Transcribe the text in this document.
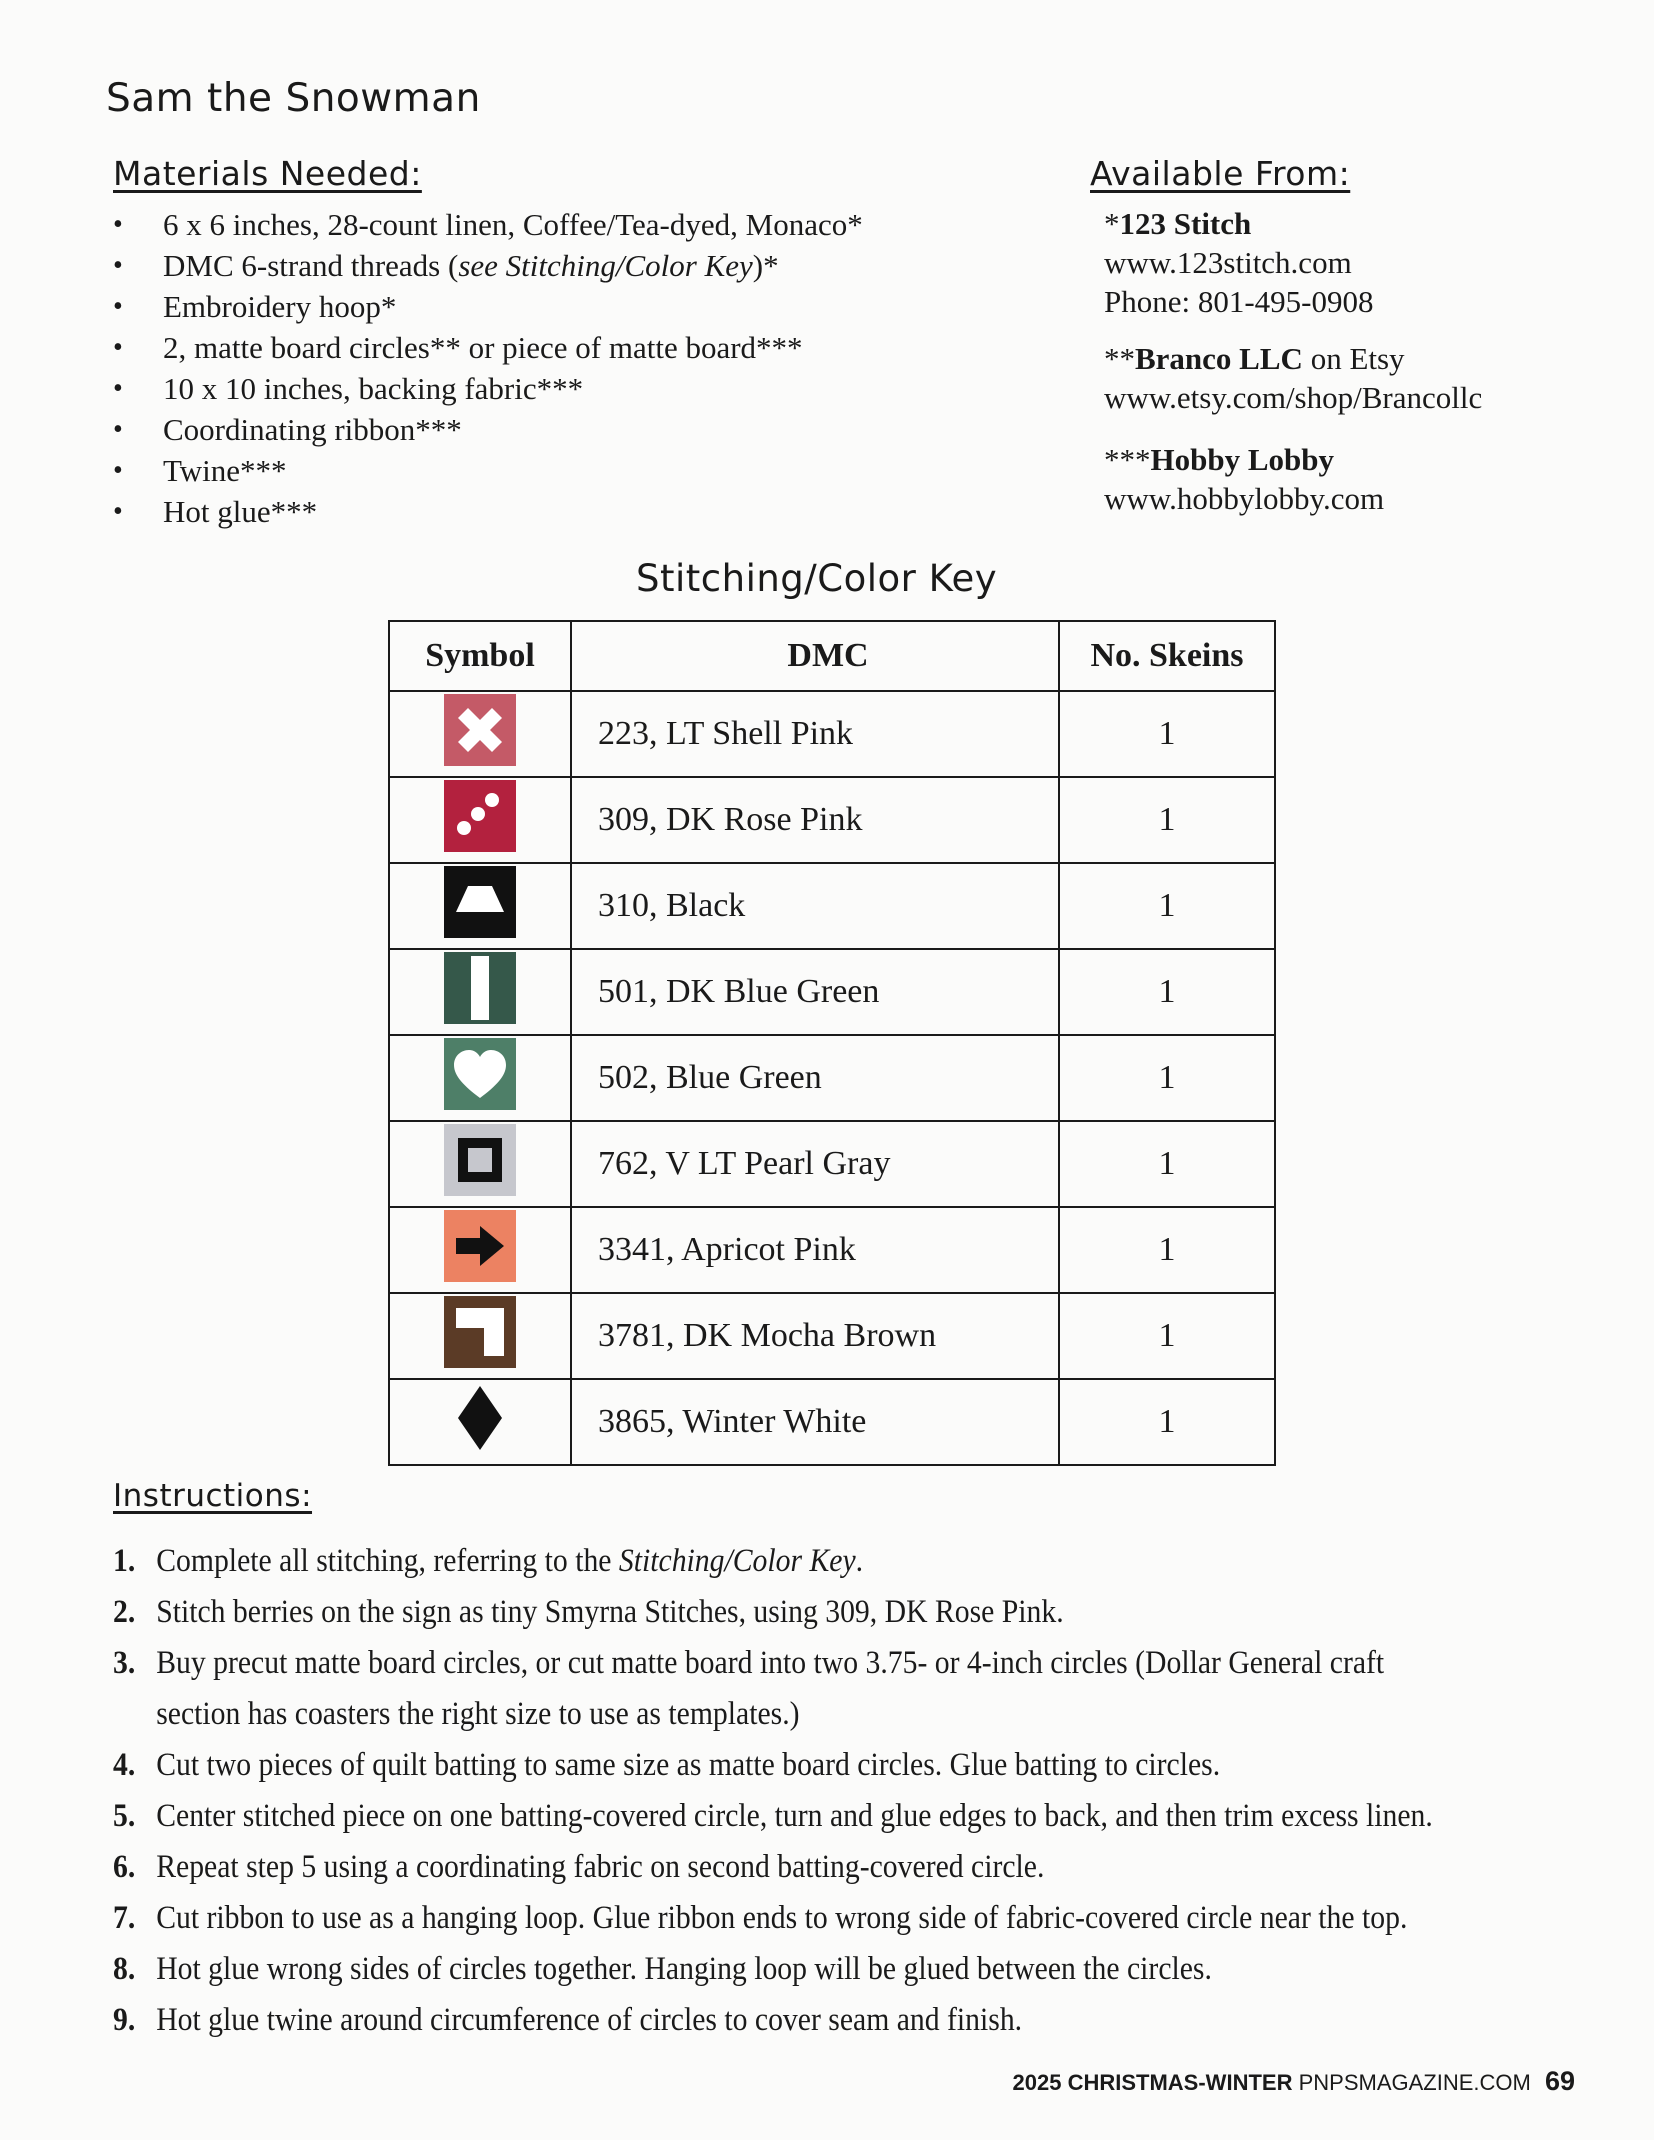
Sam the Snowman
Materials Needed:
• 6 x 6 inches, 28-count linen, Coffee/Tea-dyed, Monaco*
• DMC 6-strand threads (see Stitching/Color Key)*
• Embroidery hoop*
• 2, matte board circles** or piece of matte board***
• 10 x 10 inches, backing fabric***
• Coordinating ribbon***
• Twine***
• Hot glue***
Available From:
*123 Stitch
www.123stitch.com
Phone: 801-495-0908
**Branco LLC on Etsy
www.etsy.com/shop/Brancollc
***Hobby Lobby
www.hobbylobby.com
Stitching/Color Key
Symbol	DMC	No. Skeins
	223, LT Shell Pink	1
	309, DK Rose Pink	1
	310, Black	1
	501, DK Blue Green	1
	502, Blue Green	1
	762, V LT Pearl Gray	1
	3341, Apricot Pink	1
	3781, DK Mocha Brown	1
	3865, Winter White	1
Instructions:
1. Complete all stitching, referring to the Stitching/Color Key.
2. Stitch berries on the sign as tiny Smyrna Stitches, using 309, DK Rose Pink.
3. Buy precut matte board circles, or cut matte board into two 3.75- or 4-inch circles (Dollar General craft section has coasters the right size to use as templates.)
4. Cut two pieces of quilt batting to same size as matte board circles. Glue batting to circles.
5. Center stitched piece on one batting-covered circle, turn and glue edges to back, and then trim excess linen.
6. Repeat step 5 using a coordinating fabric on second batting-covered circle.
7. Cut ribbon to use as a hanging loop. Glue ribbon ends to wrong side of fabric-covered circle near the top.
8. Hot glue wrong sides of circles together. Hanging loop will be glued between the circles.
9. Hot glue twine around circumference of circles to cover seam and finish.
2025 CHRISTMAS-WINTER PNPSMAGAZINE.COM 69
